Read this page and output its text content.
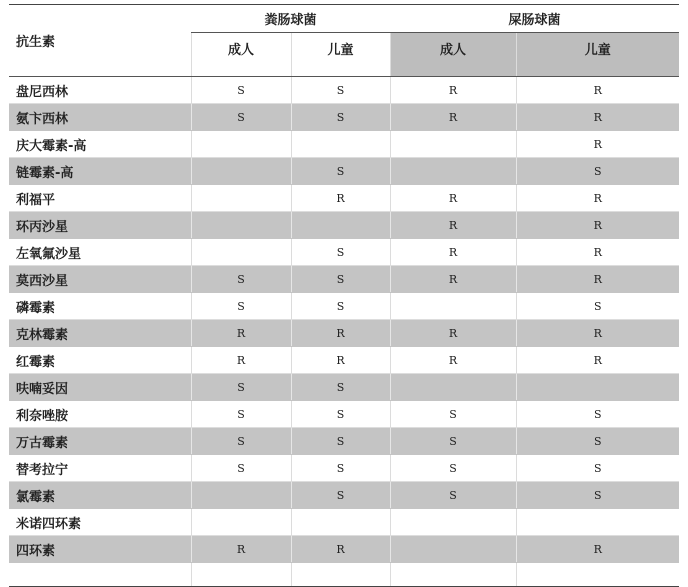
抗生素	粪肠球菌		屎肠球菌	
	成人	儿童	成人	儿童
盘尼西林	S	S	R	R
氨卞西林	S	S	R	R
庆大霉素-高				R
链霉素-高		S		S
利福平		R	R	R
环丙沙星			R	R
左氧氟沙星		S	R	R
莫西沙星	S	S	R	R
磷霉素	S	S		S
克林霉素	R	R	R	R
红霉素	R	R	R	R
呋喃妥因	S	S		
利奈唑胺	S	S	S	S
万古霉素	S	S	S	S
替考拉宁	S	S	S	S
氯霉素		S	S	S
米诺四环素				
四环素	R	R		R
